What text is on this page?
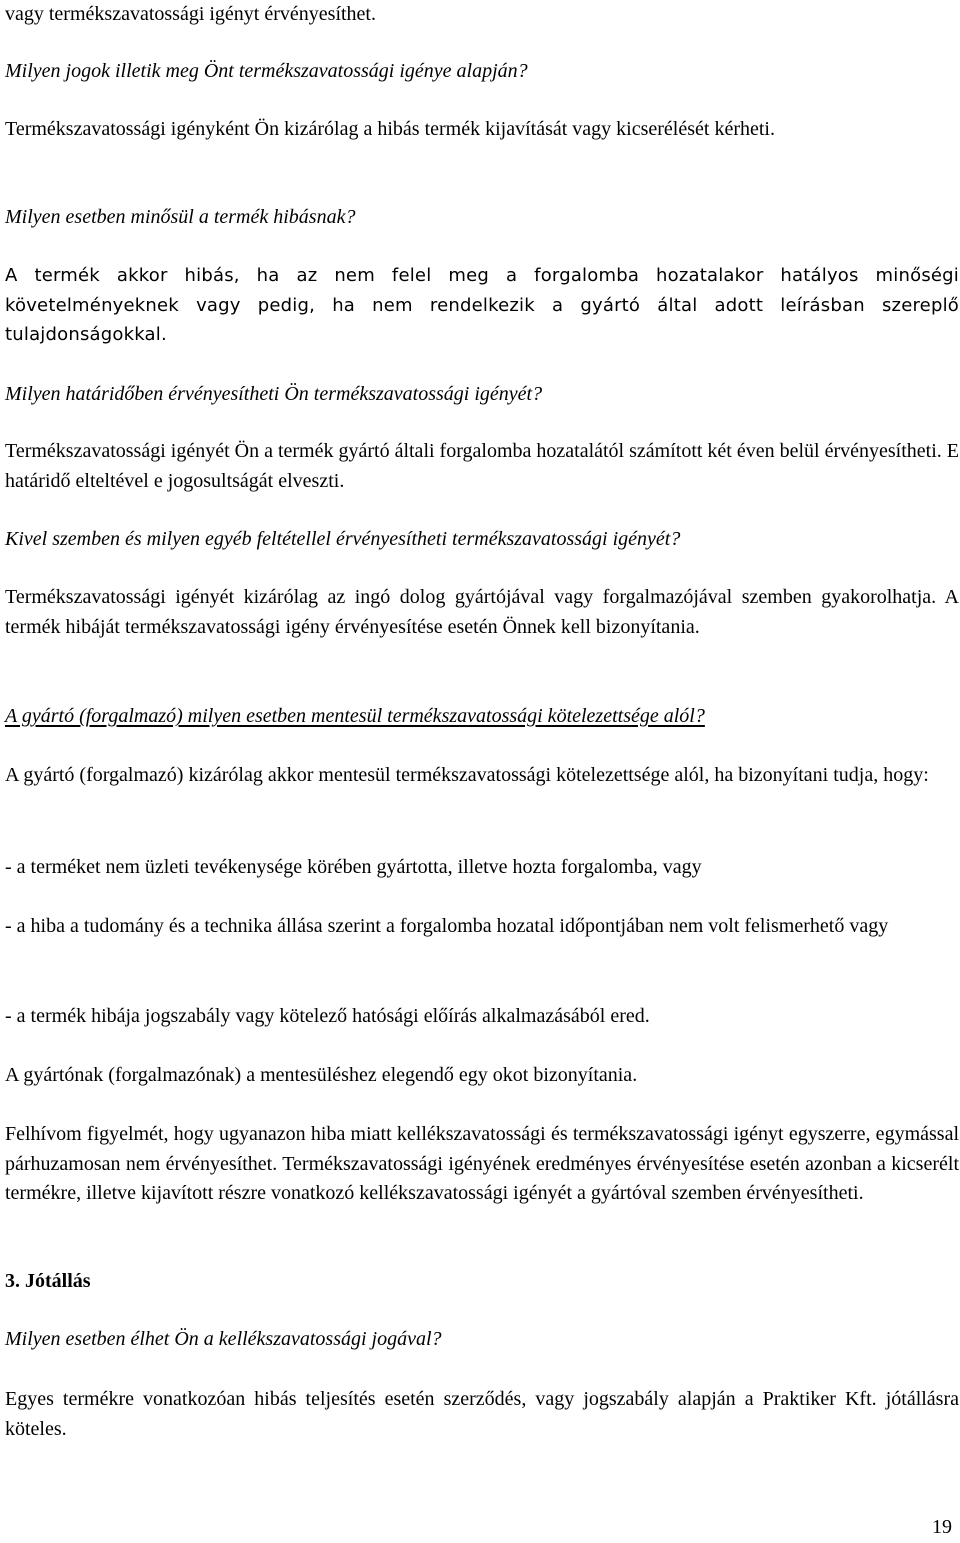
vagy termékszavatossági igényt érvényesíthet.

Milyen jogok illetik meg Önt termékszavatossági igénye alapján?

Termékszavatossági igényként Ön kizárólag a hibás termék kijavítását vagy kicserélését kérheti.

Milyen esetben minősül a termék hibásnak?

A termék akkor hibás, ha az nem felel meg a forgalomba hozatalakor hatályos minőségi követelményeknek vagy pedig, ha nem rendelkezik a gyártó által adott leírásban szereplő tulajdonságokkal.

Milyen határidőben érvényesítheti Ön termékszavatossági igényét?

Termékszavatossági igényét Ön a termék gyártó általi forgalomba hozatalától számított két éven belül érvényesítheti. E határidő elteltével e jogosultságát elveszti.

Kivel szemben és milyen egyéb feltétellel érvényesítheti termékszavatossági igényét?

Termékszavatossági igényét kizárólag az ingó dolog gyártójával vagy forgalmazójával szemben gyakorolhatja. A termék hibáját termékszavatossági igény érvényesítése esetén Önnek kell bizonyítania.

A gyártó (forgalmazó) milyen esetben mentesül termékszavatossági kötelezettsége alól?

A gyártó (forgalmazó) kizárólag akkor mentesül termékszavatossági kötelezettsége alól, ha bizonyítani tudja, hogy:

- a terméket nem üzleti tevékenysége körében gyártotta, illetve hozta forgalomba, vagy

- a hiba a tudomány és a technika állása szerint a forgalomba hozatal időpontjában nem volt felismerhető vagy

- a termék hibája jogszabály vagy kötelező hatósági előírás alkalmazásából ered.

A gyártónak (forgalmazónak) a mentesüléshez elegendő egy okot bizonyítania.

Felhívom figyelmét, hogy ugyanazon hiba miatt kellékszavatossági és termékszavatossági igényt egyszerre, egymással párhuzamosan nem érvényesíthet. Termékszavatossági igényének eredményes érvényesítése esetén azonban a kicserélt termékre, illetve kijavított részre vonatkozó kellékszavatossági igényét a gyártóval szemben érvényesítheti.

3. Jótállás

Milyen esetben élhet Ön a kellékszavatossági jogával?

Egyes termékre vonatkozóan hibás teljesítés esetén szerződés, vagy jogszabály alapján a Praktiker Kft. jótállásra köteles.

19
